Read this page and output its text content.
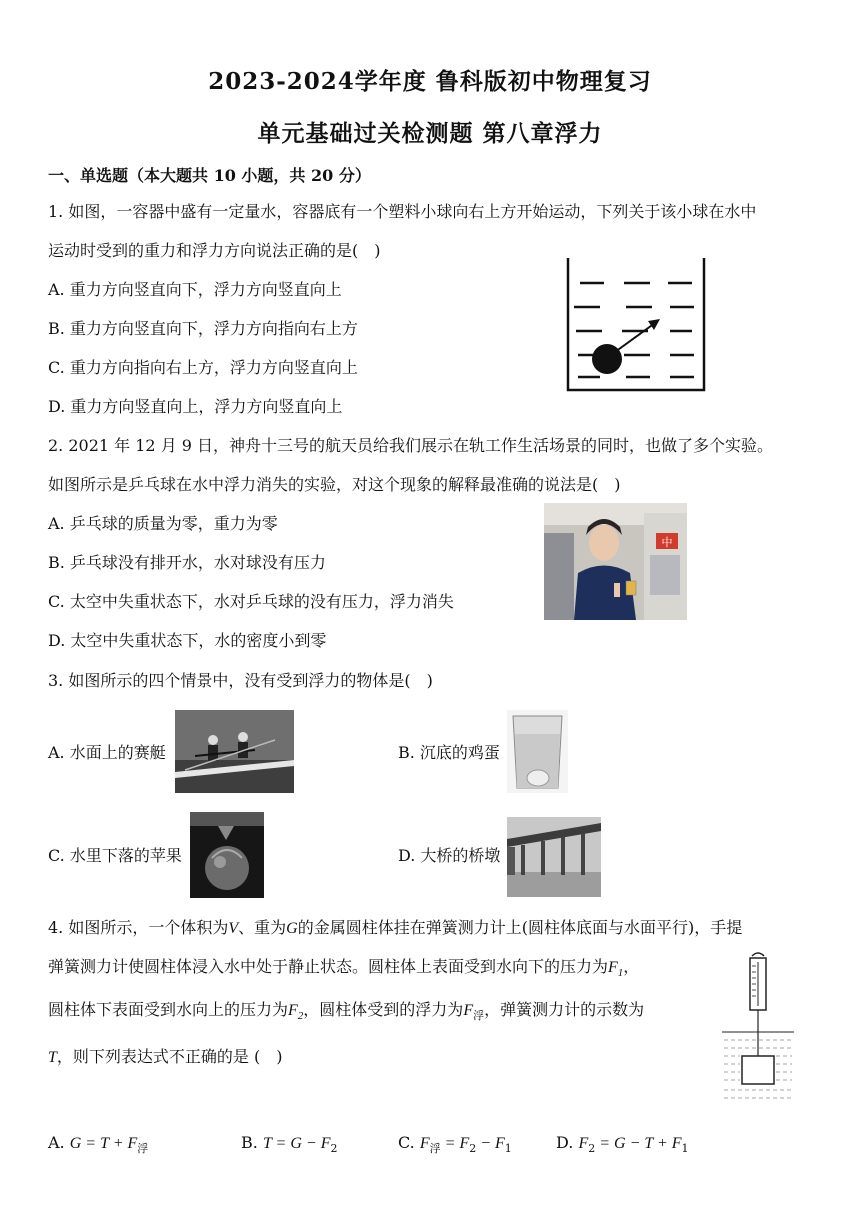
2023-2024学年度 鲁科版初中物理复习
单元基础过关检测题 第八章浮力
一、单选题（本大题共 10 小题，共 20 分）
1. 如图，一容器中盛有一定量水，容器底有一个塑料小球向右上方开始运动，下列关于该小球在水中
运动时受到的重力和浮力方向说法正确的是(　)
A. 重力方向竖直向下，浮力方向竖直向上
B. 重力方向竖直向下，浮力方向指向右上方
C. 重力方向指向右上方，浮力方向竖直向上
D. 重力方向竖直向上，浮力方向竖直向上
2. 2021 年 12 月 9 日，神舟十三号的航天员给我们展示在轨工作生活场景的同时，也做了多个实验。
如图所示是乒乓球在水中浮力消失的实验，对这个现象的解释最准确的说法是(　)
A. 乒乓球的质量为零，重力为零
B. 乒乓球没有排开水，水对球没有压力
C. 太空中失重状态下，水对乒乓球的没有压力，浮力消失
D. 太空中失重状态下，水的密度小到零
中
3. 如图所示的四个情景中，没有受到浮力的物体是(　)
A. 水面上的赛艇	B. 沉底的鸡蛋
C. 水里下落的苹果	D. 大桥的桥墩
4. 如图所示，一个体积为V、重为G的金属圆柱体挂在弹簧测力计上(圆柱体底面与水面平行)，手提
弹簧测力计使圆柱体浸入水中处于静止状态。圆柱体上表面受到水向下的压力为$F_1$，
圆柱体下表面受到水向上的压力为$F_2$，圆柱体受到的浮力为$F_浮$，弹簧测力计的示数为
T，则下列表达式不正确的是 (　)
A. $G = T + F_浮$	B. $T = G - F_2$	C. $F_浮 = F_2 - F_1$	D. $F_2 = G - T + F_1$
